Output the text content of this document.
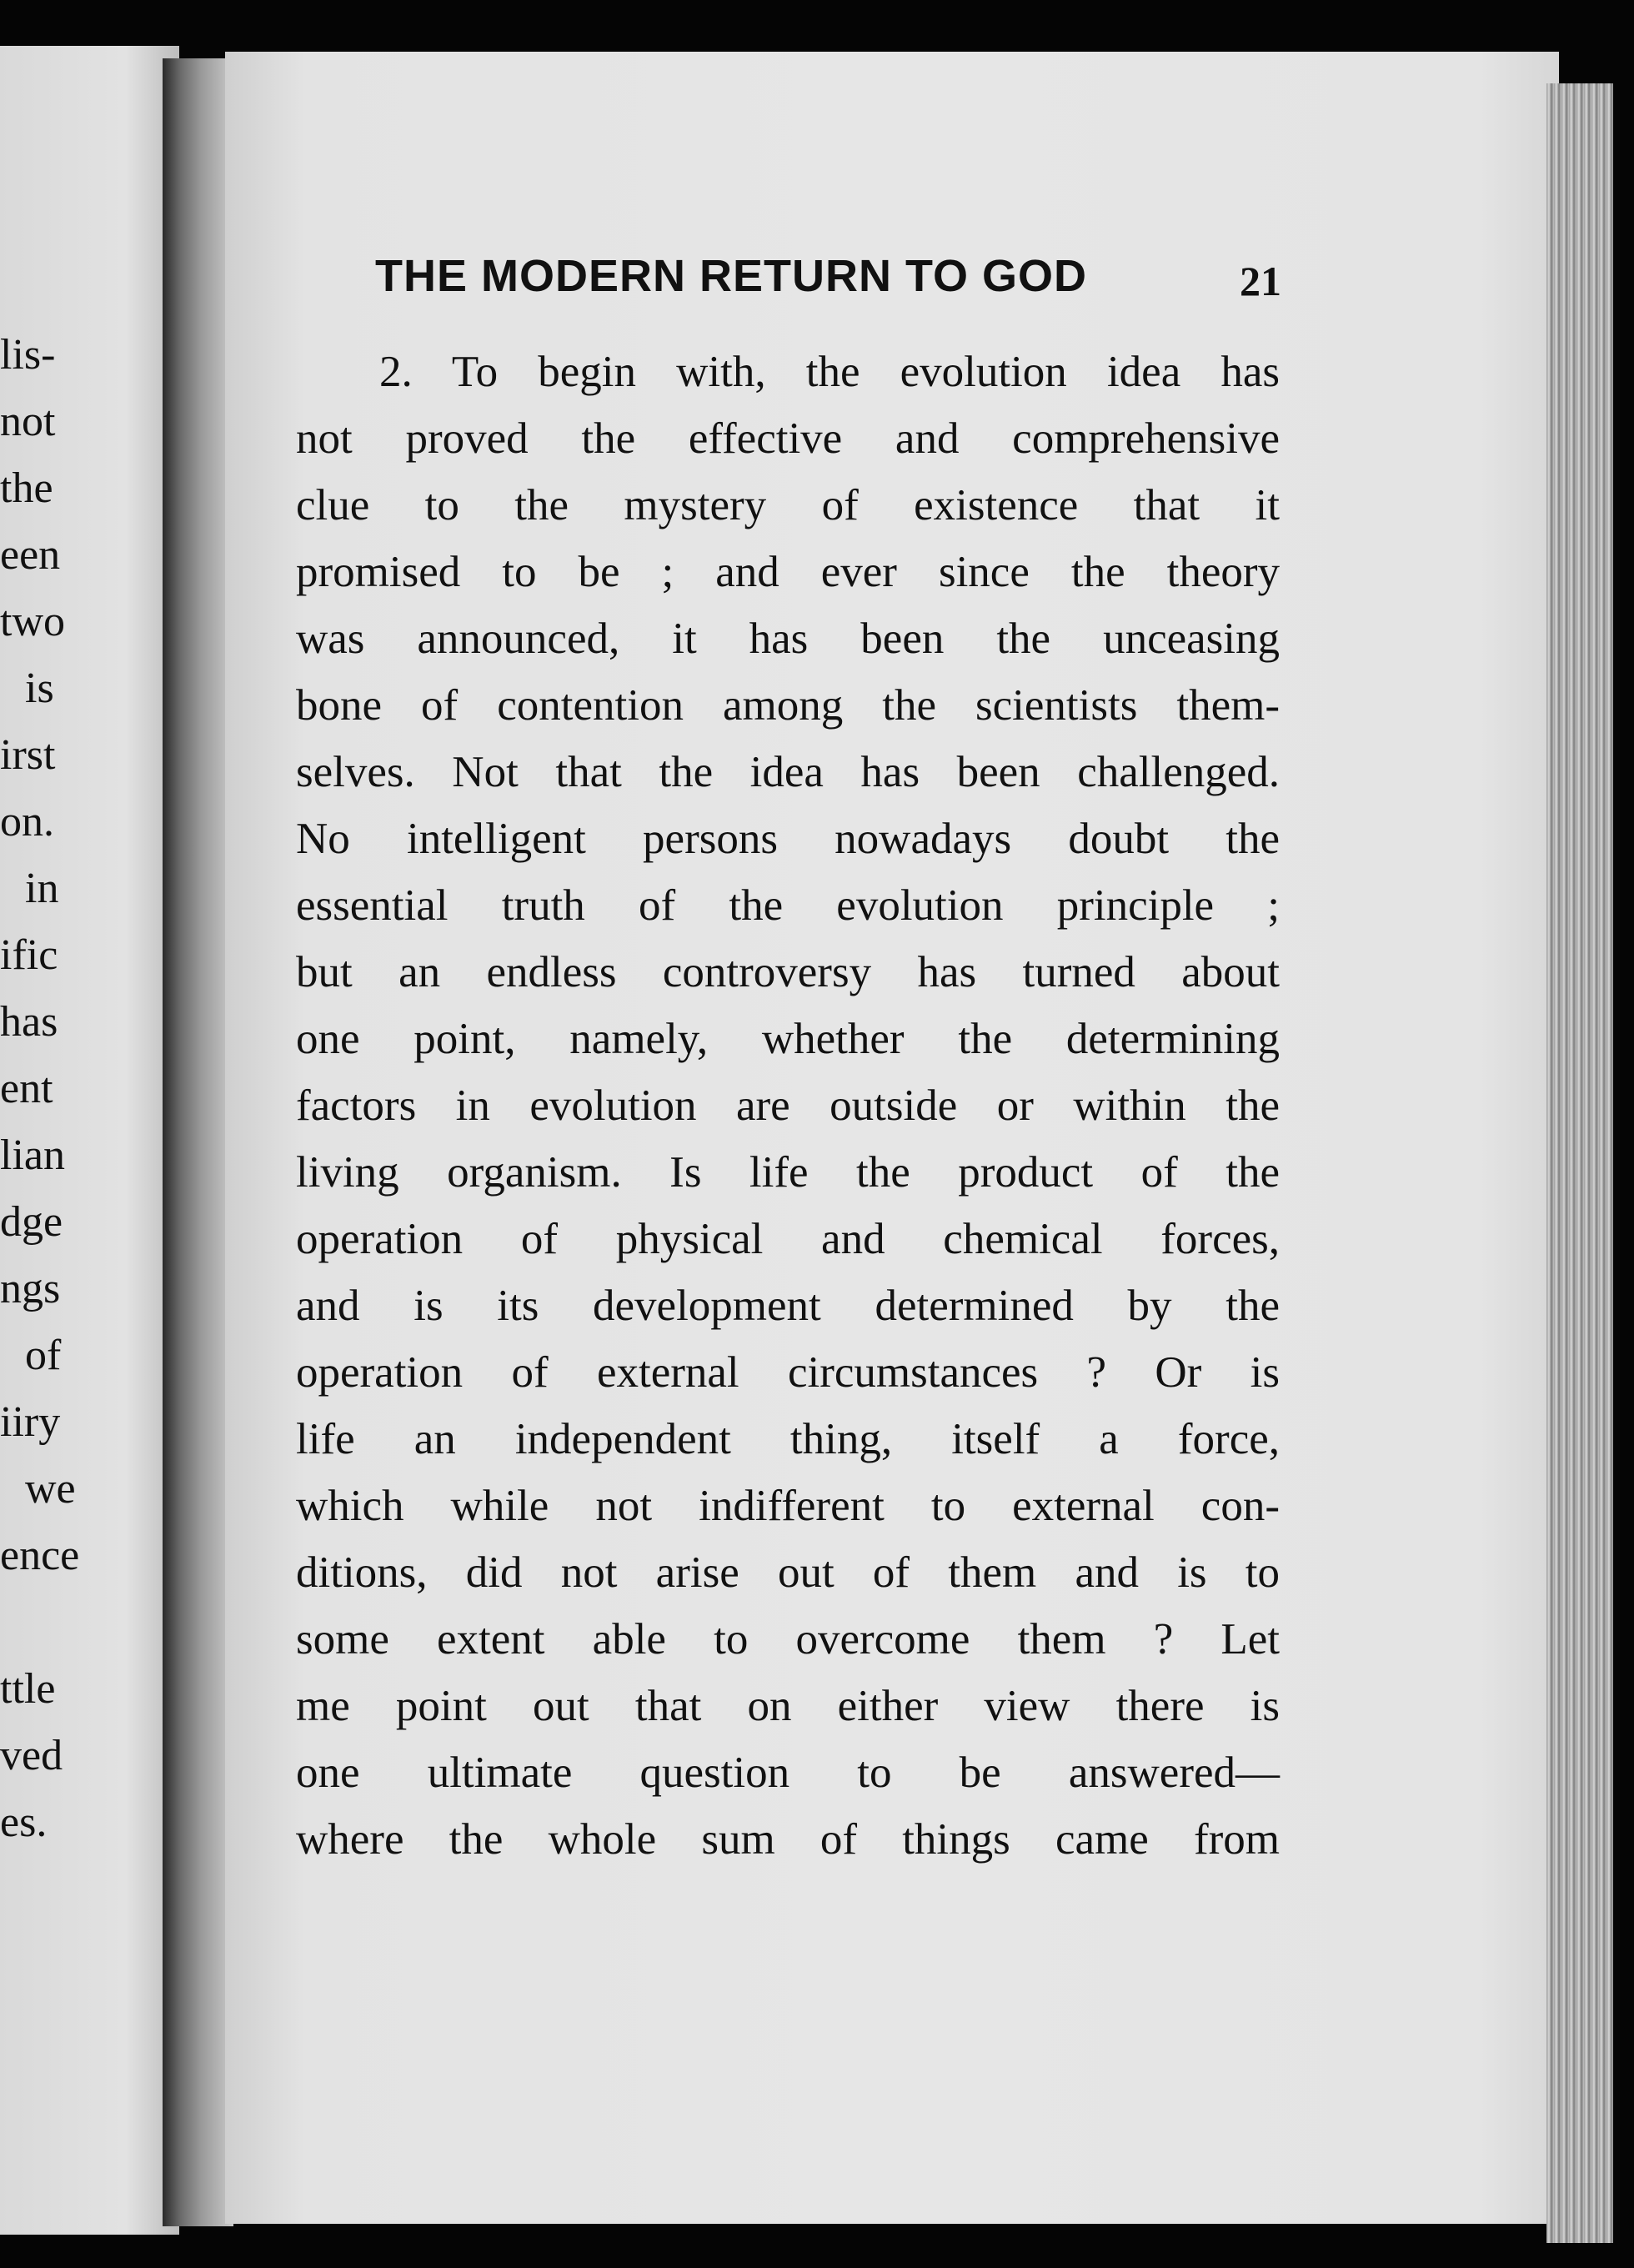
lis-
not
the
een
two
is
irst
on.
in
ific
has
ent
lian
dge
ngs
of
iiry
we
ence
ttle
ved
es.
THE MODERN RETURN TO GOD	21
2. To begin with, the evolution idea has
not proved the effective and comprehensive
clue to the mystery of existence that it
promised to be ; and ever since the theory
was announced, it has been the unceasing
bone of contention among the scientists them-
selves. Not that the idea has been challenged.
No intelligent persons nowadays doubt the
essential truth of the evolution principle ;
but an endless controversy has turned about
one point, namely, whether the determining
factors in evolution are outside or within the
living organism. Is life the product of the
operation of physical and chemical forces,
and is its development determined by the
operation of external circumstances ? Or is
life an independent thing, itself a force,
which while not indifferent to external con-
ditions, did not arise out of them and is to
some extent able to overcome them ? Let
me point out that on either view there is
one ultimate question to be answered—
where the whole sum of things came from
